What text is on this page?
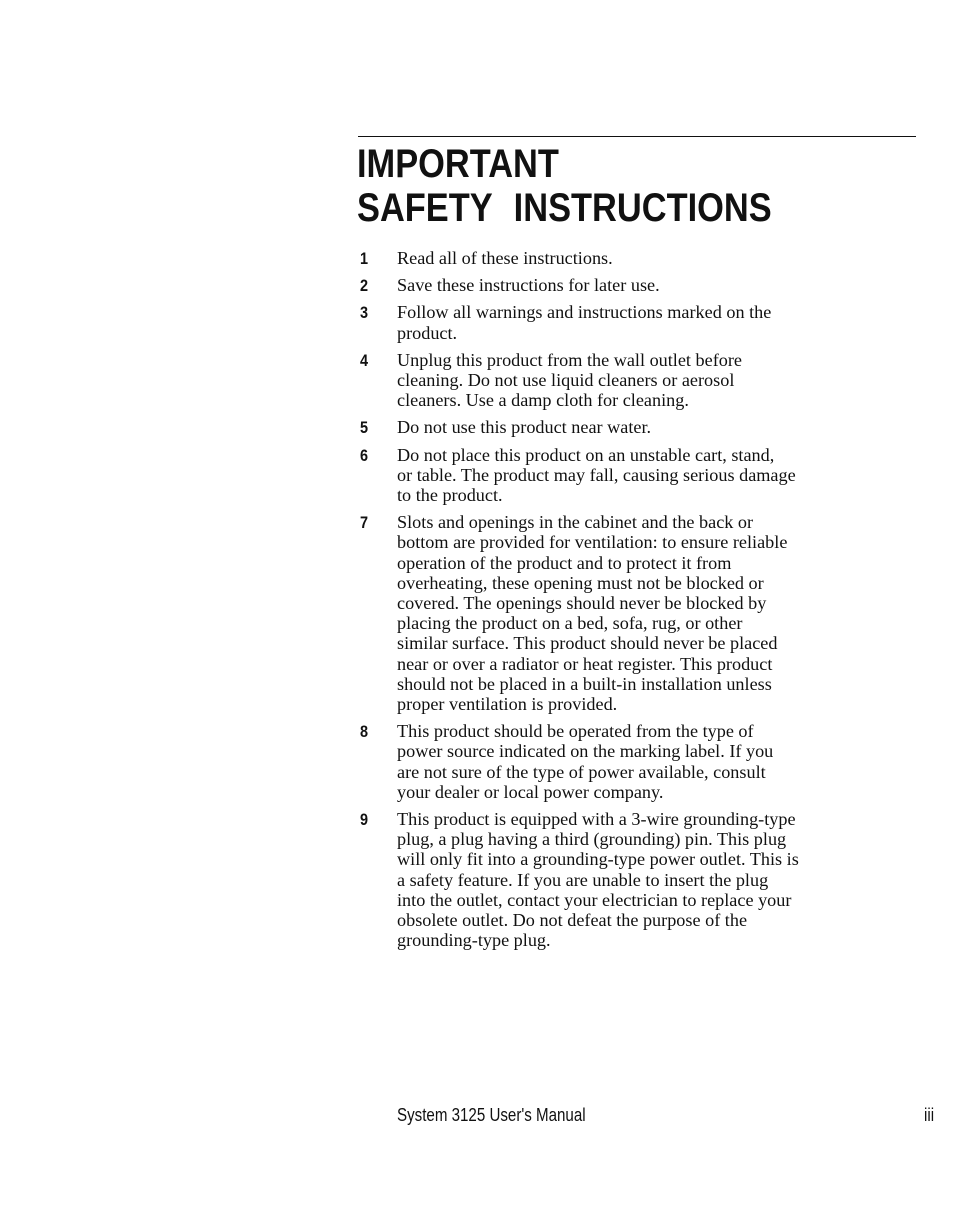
IMPORTANT
SAFETY INSTRUCTIONS
1 Read all of these instructions.
2 Save these instructions for later use.
3 Follow all warnings and instructions marked on the
product.
4 Unplug this product from the wall outlet before
cleaning. Do not use liquid cleaners or aerosol
cleaners. Use a damp cloth for cleaning.
5 Do not use this product near water.
6 Do not place this product on an unstable cart, stand,
or table. The product may fall, causing serious damage
to the product.
7 Slots and openings in the cabinet and the back or
bottom are provided for ventilation: to ensure reliable
operation of the product and to protect it from
overheating, these opening must not be blocked or
covered. The openings should never be blocked by
placing the product on a bed, sofa, rug, or other
similar surface. This product should never be placed
near or over a radiator or heat register. This product
should not be placed in a built-in installation unless
proper ventilation is provided.
8 This product should be operated from the type of
power source indicated on the marking label. If you
are not sure of the type of power available, consult
your dealer or local power company.
9 This product is equipped with a 3-wire grounding-type
plug, a plug having a third (grounding) pin. This plug
will only fit into a grounding-type power outlet. This is
a safety feature. If you are unable to insert the plug
into the outlet, contact your electrician to replace your
obsolete outlet. Do not defeat the purpose of the
grounding-type plug.
System 3125 User's Manual	iii
